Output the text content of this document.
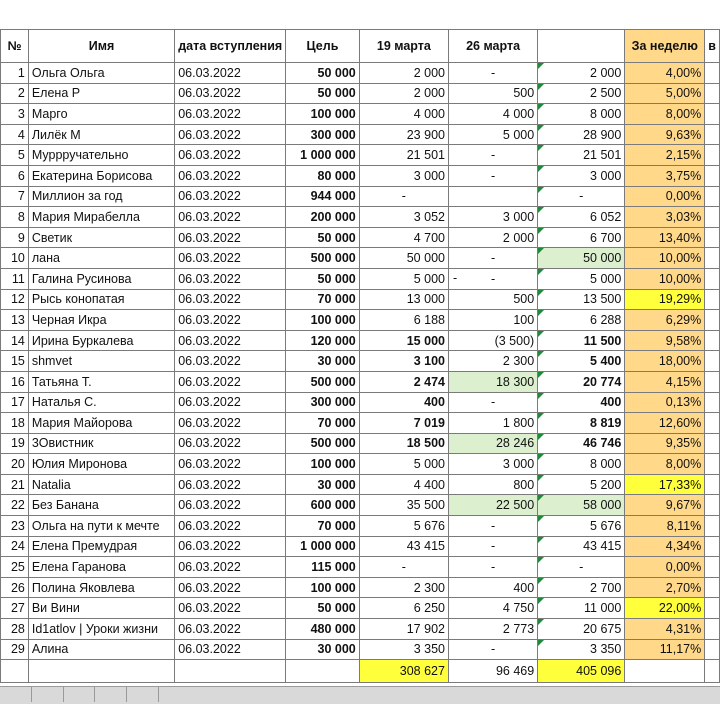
№	Имя	дата вступления	Цель	19 марта	26 марта		За неделю	в
1	Ольга Ольга	06.03.2022	50 000	2 000	-	2 000	4,00%	
2	Елена Р	06.03.2022	50 000	2 000	500	2 500	5,00%	
3	Марго	06.03.2022	100 000	4 000	4 000	8 000	8,00%	
4	Лилёк М	06.03.2022	300 000	23 900	5 000	28 900	9,63%	
5	Муррручательно	06.03.2022	1 000 000	21 501	-	21 501	2,15%	
6	Екатерина Борисова	06.03.2022	80 000	3 000	-	3 000	3,75%	
7	Миллион за год	06.03.2022	944 000	-		-	0,00%	
8	Мария Мирабелла	06.03.2022	200 000	3 052	3 000	6 052	3,03%	
9	Светик	06.03.2022	50 000	4 700	2 000	6 700	13,40%	
10	лана	06.03.2022	500 000	50 000	-	50 000	10,00%	
11	Галина Русинова	06.03.2022	50 000	5 000	- -	5 000	10,00%	
12	Рысь конопатая	06.03.2022	70 000	13 000	500	13 500	19,29%	
13	Черная Икра	06.03.2022	100 000	6 188	100	6 288	6,29%	
14	Ирина Буркалева	06.03.2022	120 000	15 000	(3 500)	11 500	9,58%	
15	shmvet	06.03.2022	30 000	3 100	2 300	5 400	18,00%	
16	Татьяна Т.	06.03.2022	500 000	2 474	18 300	20 774	4,15%	
17	Наталья С.	06.03.2022	300 000	400	-	400	0,13%	
18	Мария Майорова	06.03.2022	70 000	7 019	1 800	8 819	12,60%	
19	3Овистник	06.03.2022	500 000	18 500	28 246	46 746	9,35%	
20	Юлия Миронова	06.03.2022	100 000	5 000	3 000	8 000	8,00%	
21	Natalia	06.03.2022	30 000	4 400	800	5 200	17,33%	
22	Без Банана	06.03.2022	600 000	35 500	22 500	58 000	9,67%	
23	Ольга на пути к мечте	06.03.2022	70 000	5 676	-	5 676	8,11%	
24	Елена Премудрая	06.03.2022	1 000 000	43 415	-	43 415	4,34%	
25	Елена Гаранова	06.03.2022	115 000	-	-	-	0,00%	
26	Полина Яковлева	06.03.2022	100 000	2 300	400	2 700	2,70%	
27	Ви Вини	06.03.2022	50 000	6 250	4 750	11 000	22,00%	
28	Id1atlov | Уроки жизни	06.03.2022	480 000	17 902	2 773	20 675	4,31%	
29	Алина	06.03.2022	30 000	3 350	-	3 350	11,17%	
				308 627	96 469	405 096		
